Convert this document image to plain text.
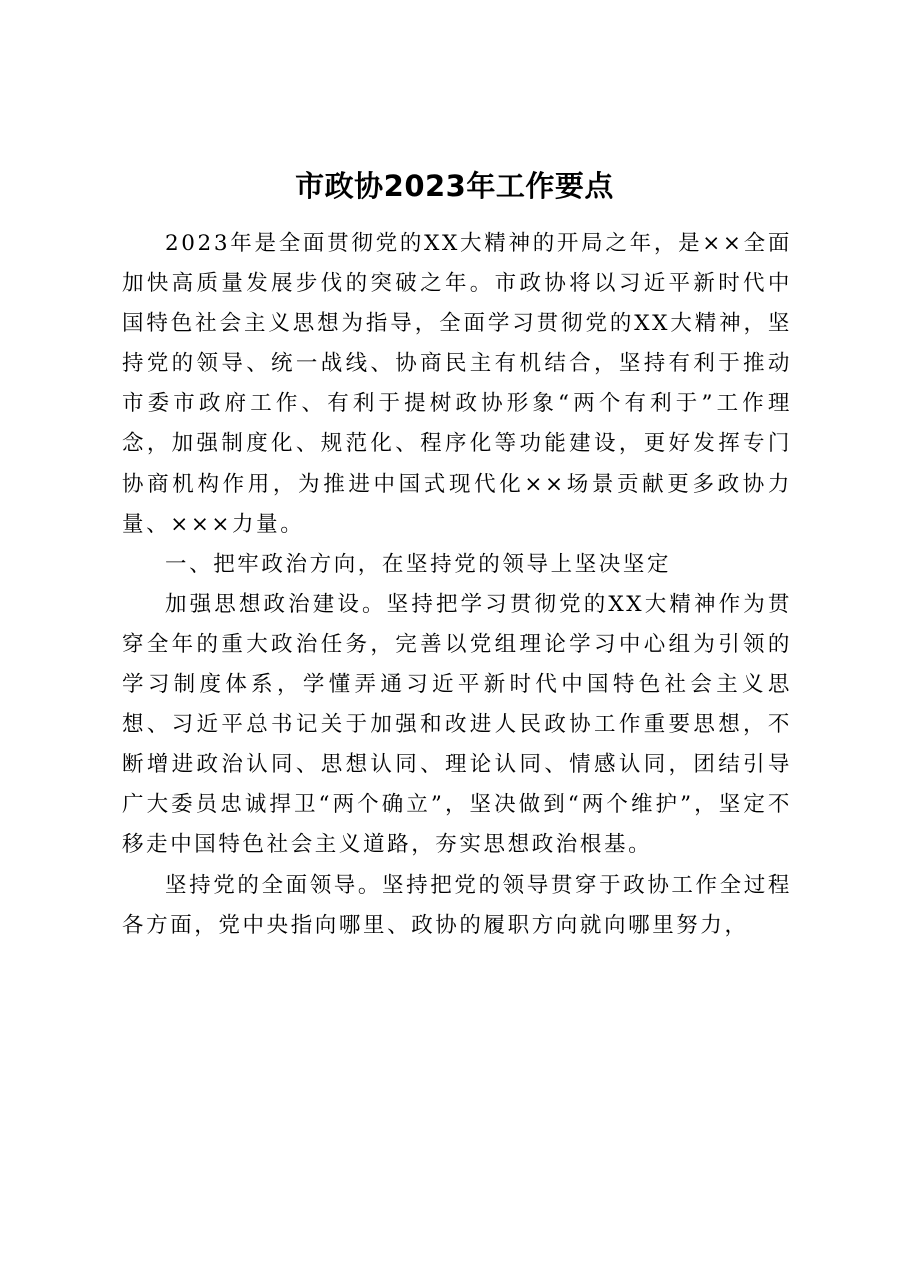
市政协2023年工作要点

2023年是全面贯彻党的XX大精神的开局之年，是××全面加快高质量发展步伐的突破之年。市政协将以习近平新时代中国特色社会主义思想为指导，全面学习贯彻党的XX大精神，坚持党的领导、统一战线、协商民主有机结合，坚持有利于推动市委市政府工作、有利于提树政协形象“两个有利于”工作理念，加强制度化、规范化、程序化等功能建设，更好发挥专门协商机构作用，为推进中国式现代化××场景贡献更多政协力量、×××力量。

一、把牢政治方向，在坚持党的领导上坚决坚定

加强思想政治建设。坚持把学习贯彻党的XX大精神作为贯穿全年的重大政治任务，完善以党组理论学习中心组为引领的学习制度体系，学懂弄通习近平新时代中国特色社会主义思想、习近平总书记关于加强和改进人民政协工作重要思想，不断增进政治认同、思想认同、理论认同、情感认同，团结引导广大委员忠诚捍卫“两个确立”，坚决做到“两个维护”，坚定不移走中国特色社会主义道路，夯实思想政治根基。

坚持党的全面领导。坚持把党的领导贯穿于政协工作全过程各方面，党中央指向哪里、政协的履职方向就向哪里努力，
